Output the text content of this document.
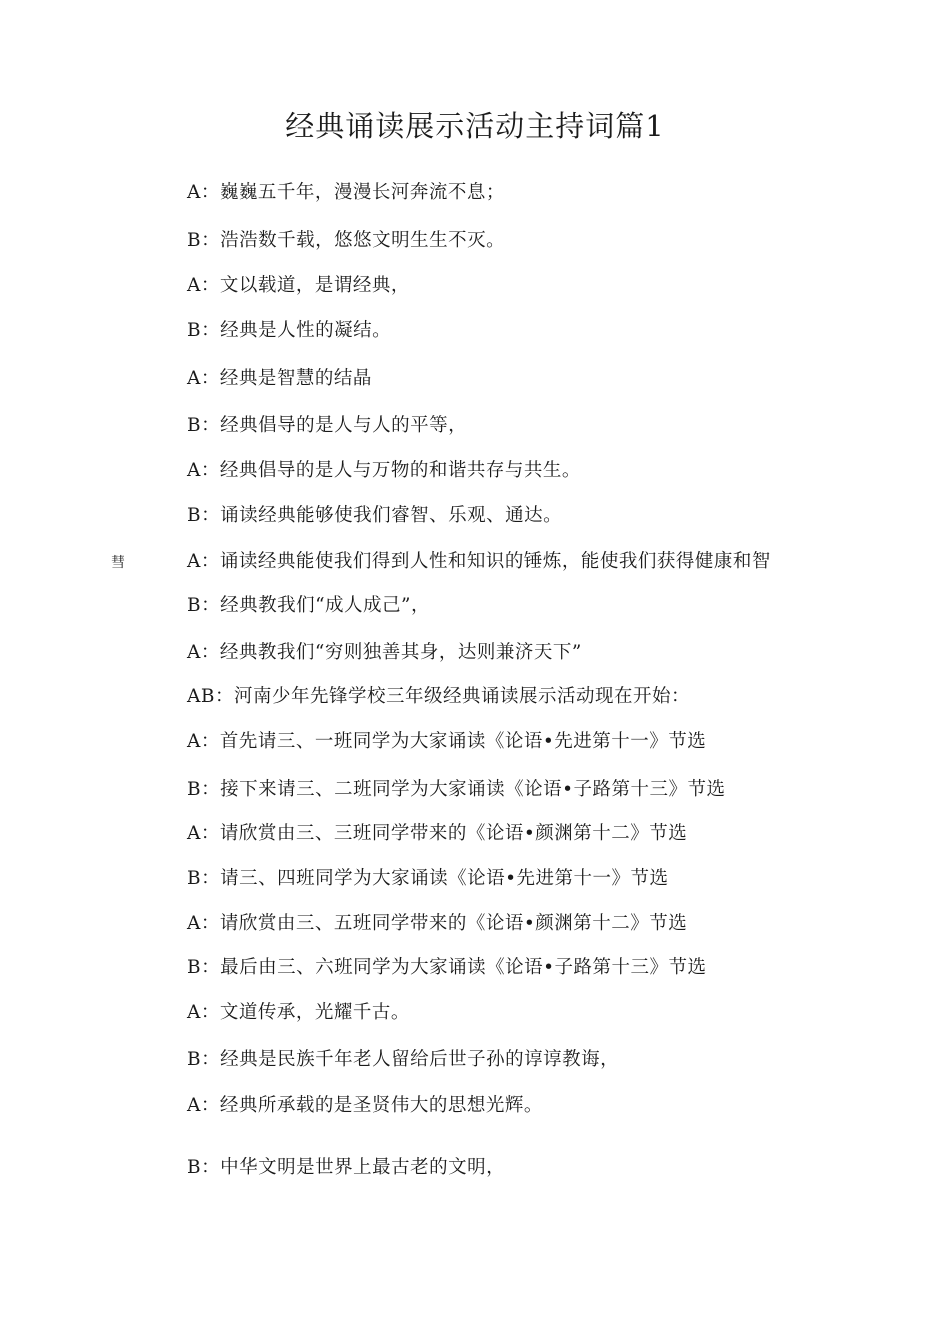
经典诵读展示活动主持词篇1
彗
A：巍巍五千年，漫漫长河奔流不息；
B：浩浩数千载，悠悠文明生生不灭。
A：文以载道，是谓经典，
B：经典是人性的凝结。
A：经典是智慧的结晶
B：经典倡导的是人与人的平等，
A：经典倡导的是人与万物的和谐共存与共生。
B：诵读经典能够使我们睿智、乐观、通达。
A：诵读经典能使我们得到人性和知识的锤炼，能使我们获得健康和智
B：经典教我们“成人成己”，
A：经典教我们“穷则独善其身，达则兼济天下”
AB：河南少年先锋学校三年级经典诵读展示活动现在开始：
A：首先请三、一班同学为大家诵读《论语•先进第十一》节选
B：接下来请三、二班同学为大家诵读《论语•子路第十三》节选
A：请欣赏由三、三班同学带来的《论语•颜渊第十二》节选
B：请三、四班同学为大家诵读《论语•先进第十一》节选
A：请欣赏由三、五班同学带来的《论语•颜渊第十二》节选
B：最后由三、六班同学为大家诵读《论语•子路第十三》节选
A：文道传承，光耀千古。
B：经典是民族千年老人留给后世子孙的谆谆教诲，
A：经典所承载的是圣贤伟大的思想光辉。
B：中华文明是世界上最古老的文明，
